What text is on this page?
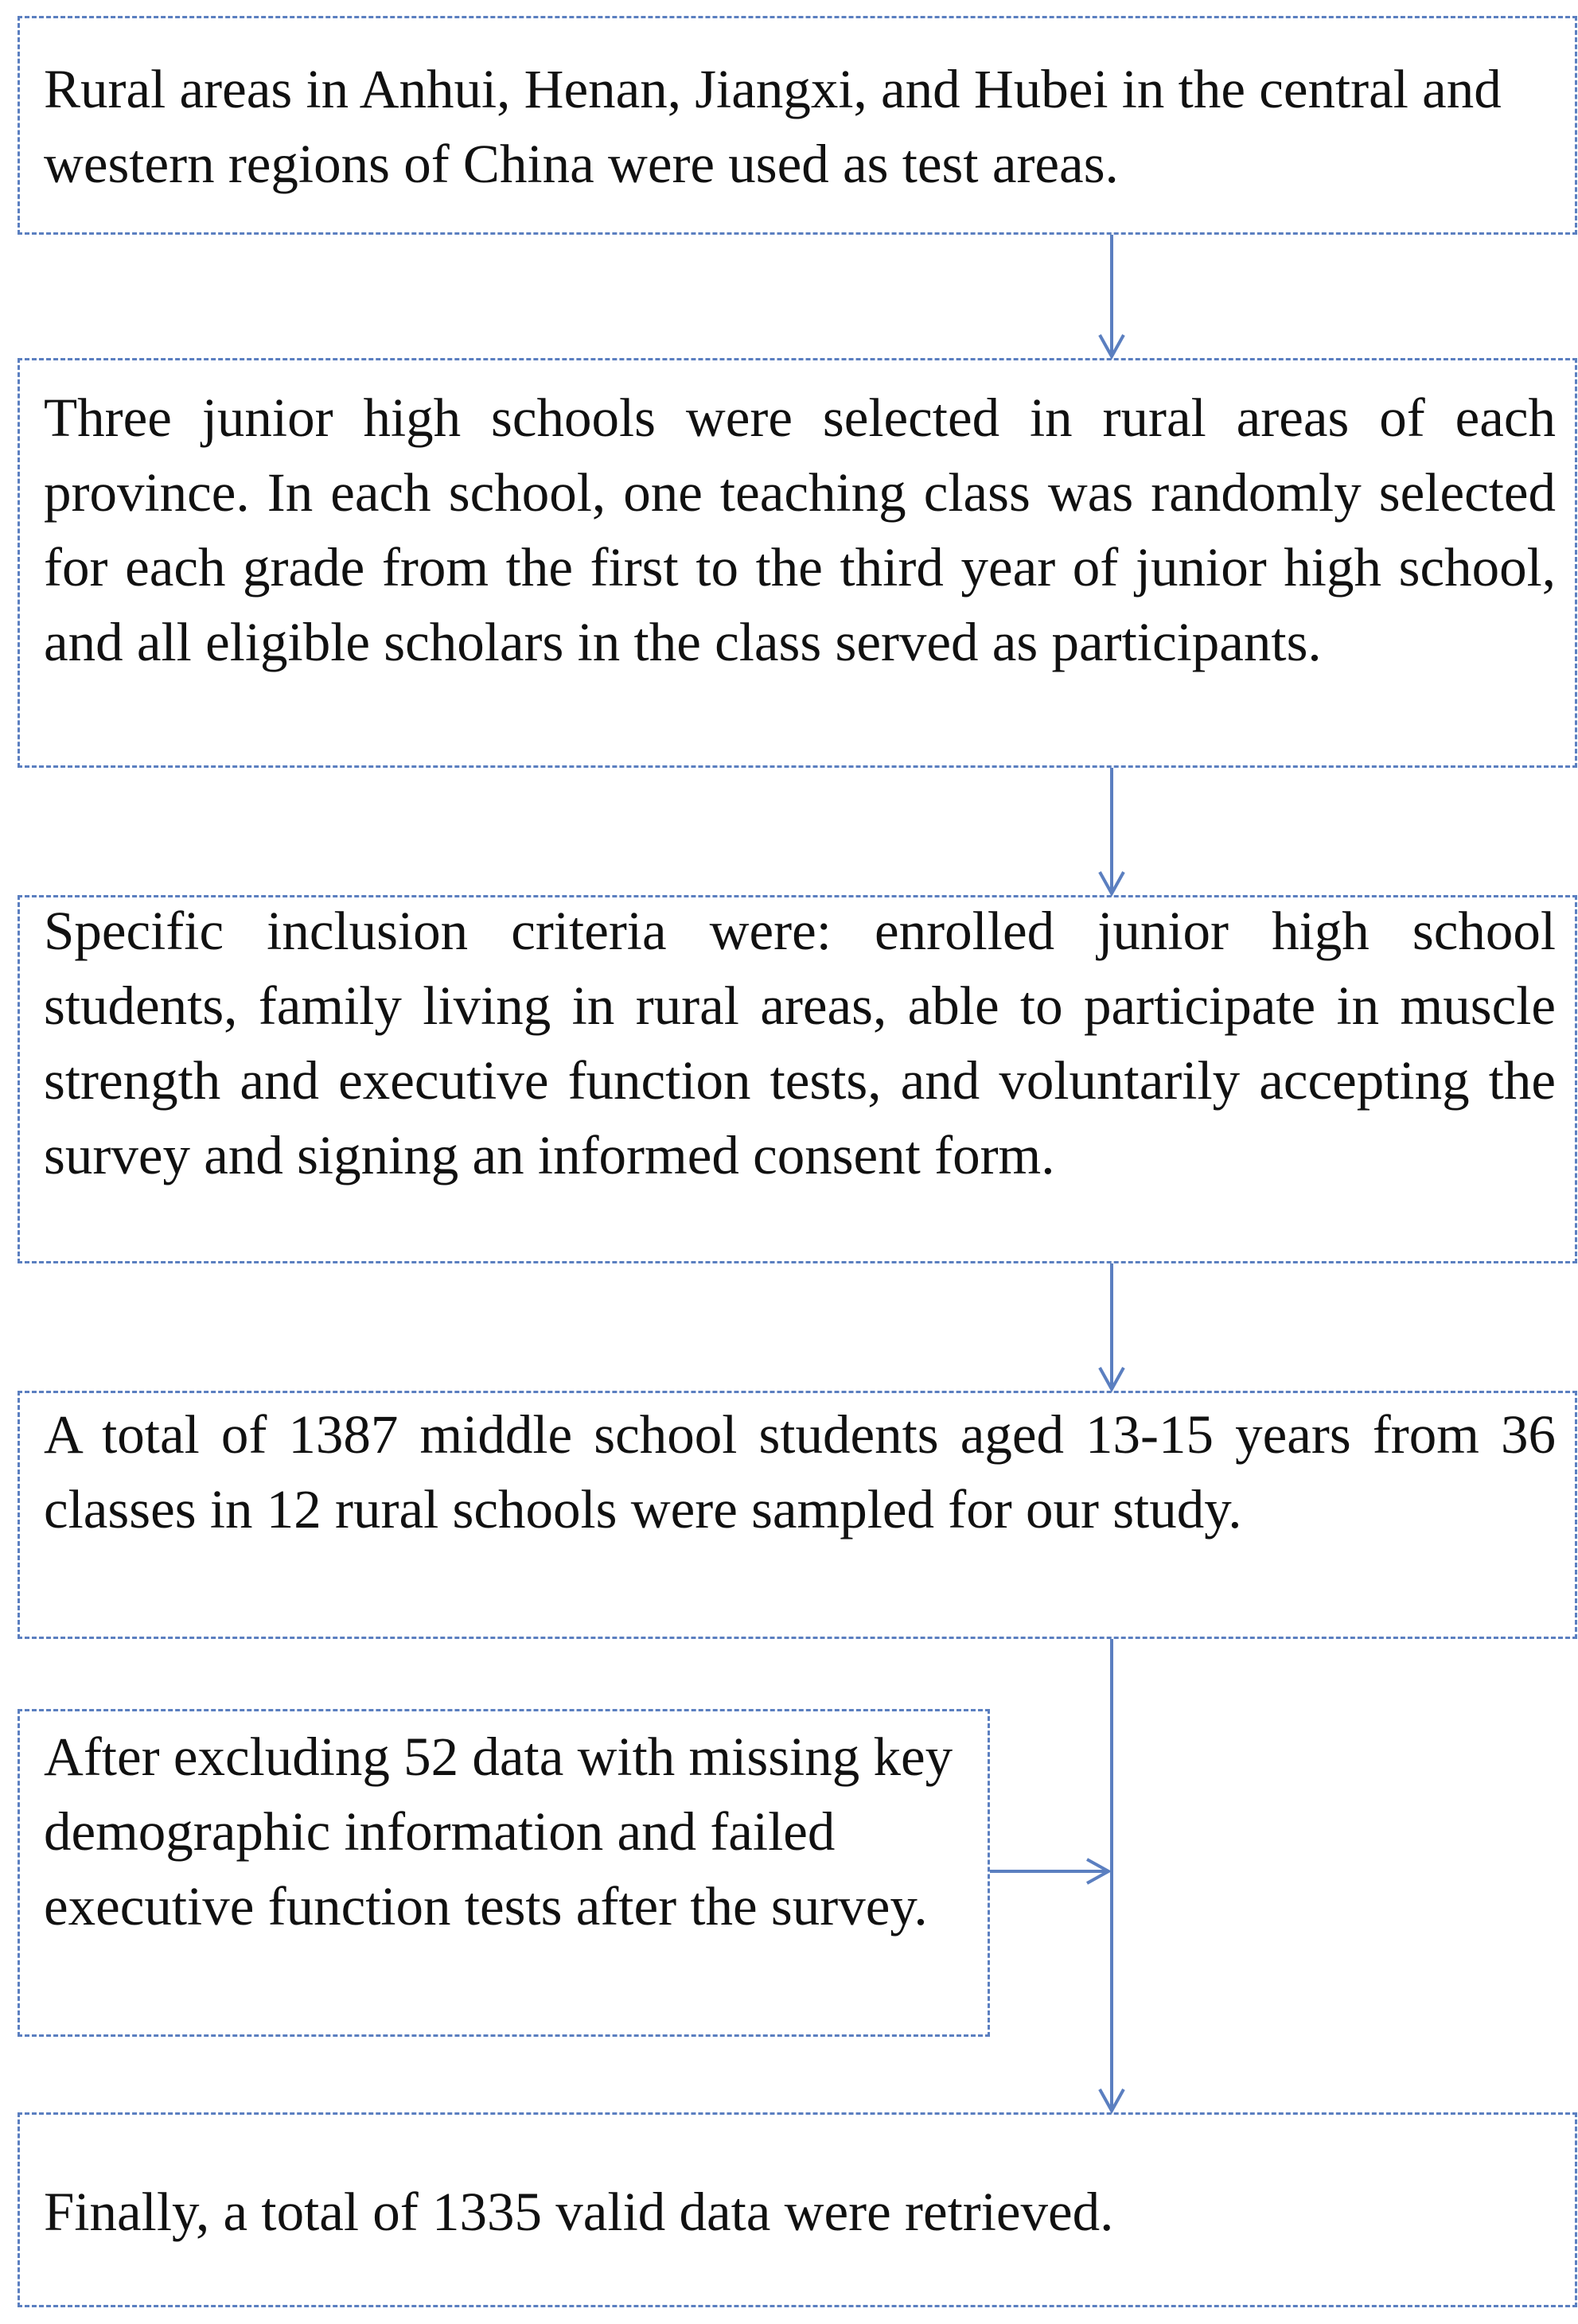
Rural areas in Anhui, Henan, Jiangxi, and Hubei in the central and western regions of China were used as test areas.

Three junior high schools were selected in rural areas of each province. In each school, one teaching class was randomly selected for each grade from the first to the third year of junior high school, and all eligible scholars in the class served as participants.

Specific inclusion criteria were: enrolled junior high school students, family living in rural areas, able to participate in muscle strength and executive function tests, and voluntarily accepting the survey and signing an informed consent form.

A total of 1387 middle school students aged 13-15 years from 36 classes in 12 rural schools were sampled for our study.

After excluding 52 data with missing key demographic information and failed executive function tests after the survey.

Finally, a total of 1335 valid data were retrieved.
